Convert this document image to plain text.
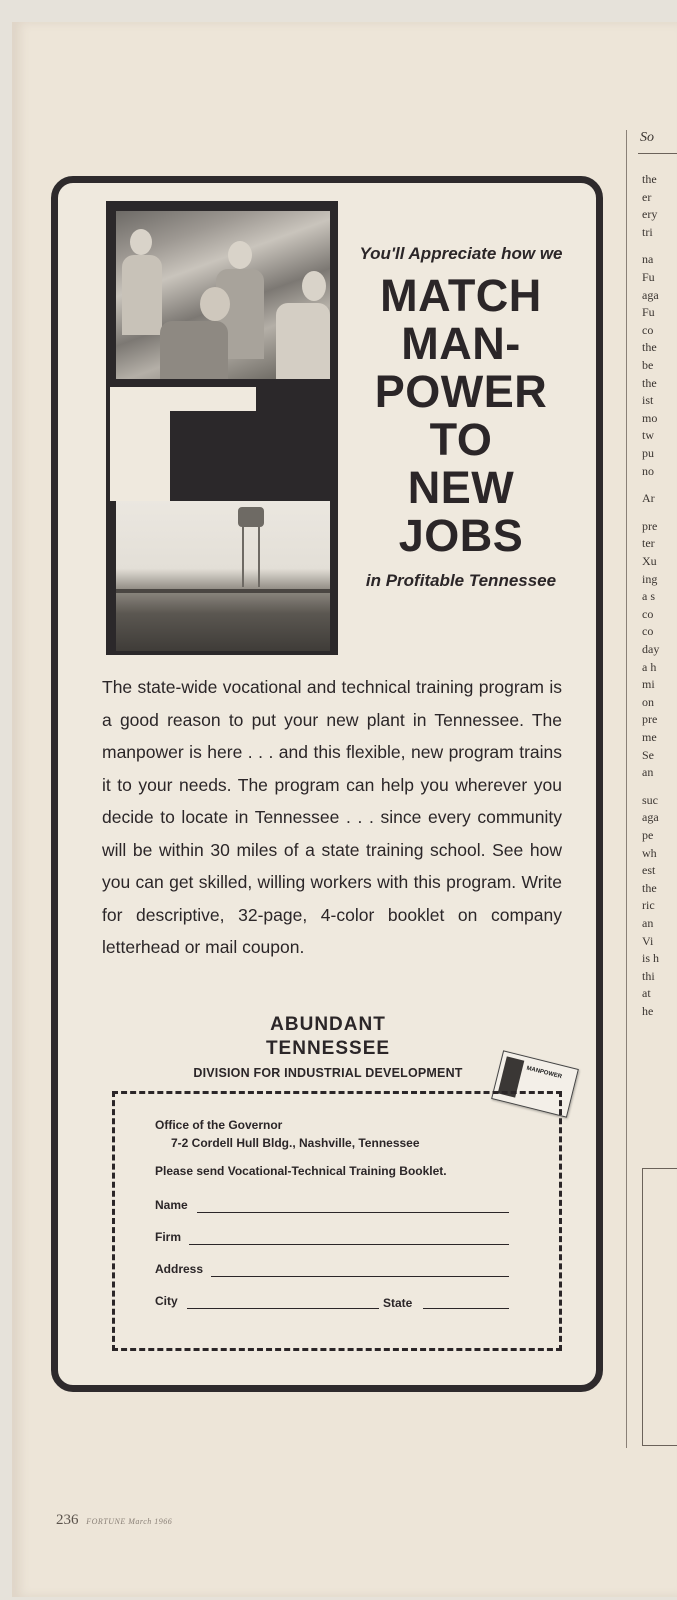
So
the
er
ery
tri
na
Fu
aga
Fu
co
the
be
the
ist
mo
tw
pu
no
Ar
pre
ter
Xu
ing
a s
co
co
day
a h
mi
on
pre
me
Se
an
suc
aga
pe
wh
est
the
ric
an
Vi
is h
thi
at
he
You'll Appreciate how we
MATCH
MAN-
POWER
TO
NEW
JOBS
in Profitable Tennessee
The state-wide vocational and technical training program is a good reason to put your new plant in Tennessee. The manpower is here . . . and this flexible, new program trains it to your needs. The program can help you wherever you decide to locate in Tennessee . . . since every community will be within 30 miles of a state training school. See how you can get skilled, willing workers with this program. Write for descriptive, 32-page, 4-color booklet on company letterhead or mail coupon.
ABUNDANT
TENNESSEE
DIVISION FOR INDUSTRIAL DEVELOPMENT	MANPOWER
Office of the Governor
7-2 Cordell Hull Bldg., Nashville, Tennessee
Please send Vocational-Technical Training Booklet.
Name
Firm
Address
City	State
236 FORTUNE March 1966
